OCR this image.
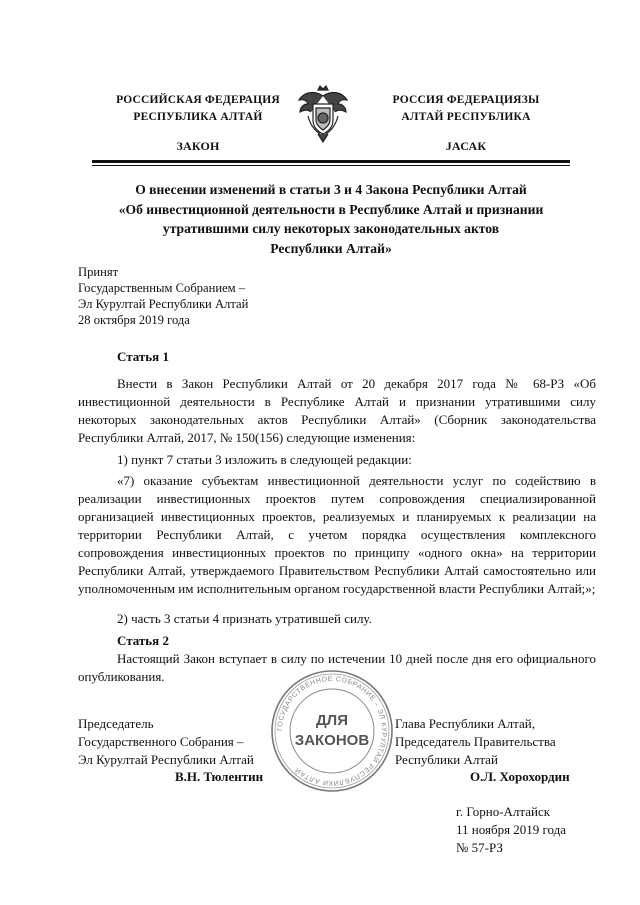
РОССИЙСКАЯ ФЕДЕРАЦИЯ
РЕСПУБЛИКА АЛТАЙ
ЗАКОН
РОССИЯ ФЕДЕРАЦИЯЗЫ
АЛТАЙ РЕСПУБЛИКА
JАСАК
О внесении изменений в статьи 3 и 4 Закона Республики Алтай
«Об инвестиционной деятельности в Республике Алтай и признании
утратившими силу некоторых законодательных актов
Республики Алтай»
Принят
Государственным Собранием –
Эл Курултай Республики Алтай
28 октября 2019 года
Статья 1
Внести в Закон Республики Алтай от 20 декабря 2017 года № 68-РЗ «Об инвестиционной деятельности в Республике Алтай и признании утратившими силу некоторых законодательных актов Республики Алтай» (Сборник законодательства Республики Алтай, 2017, № 150(156) следующие изменения:
1) пункт 7 статьи 3 изложить в следующей редакции:
«7) оказание субъектам инвестиционной деятельности услуг по содействию в реализации инвестиционных проектов путем сопровождения специализированной организацией инвестиционных проектов, реализуемых и планируемых к реализации на территории Республики Алтай, с учетом порядка осуществления комплексного сопровождения инвестиционных проектов по принципу «одного окна» на территории Республики Алтай, утверждаемого Правительством Республики Алтай самостоятельно или уполномоченным им исполнительным органом государственной власти Республики Алтай;»;
2) часть 3 статьи 4 признать утратившей силу.
Статья 2
Настоящий Закон вступает в силу по истечении 10 дней после дня его официального опубликования.
ГОСУДАРСТВЕННОЕ СОБРАНИЕ – ЭЛ КУРУЛТАЙ РЕСПУБЛИКИ АЛТАЙ
ДЛЯ
ЗАКОНОВ
Председатель
Государственного Собрания –
Эл Курултай Республики Алтай
В.Н. Тюлентин
Глава Республики Алтай,
Председатель Правительства
Республики Алтай
О.Л. Хорохордин
г. Горно-Алтайск
11 ноября 2019 года
№ 57-РЗ
